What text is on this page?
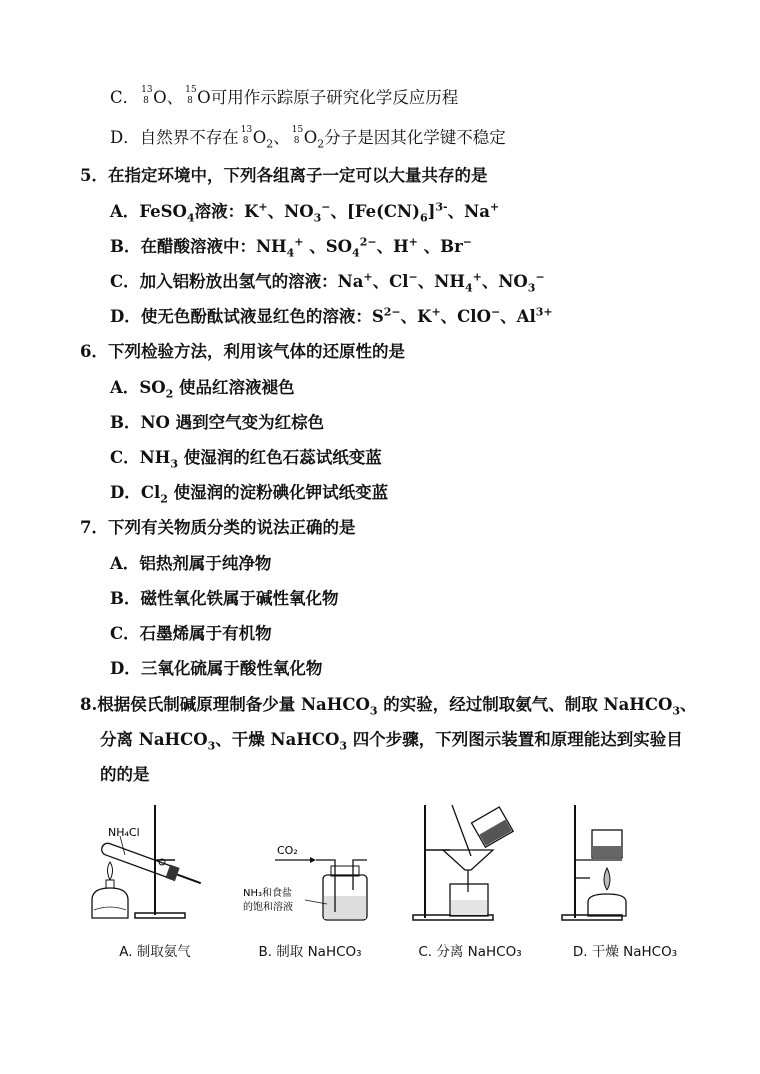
C． 13
8 O、 15
8 O可用作示踪原子研究化学反应历程
D．自然界不存在 13
8 $O_2$、 15
8 $O_2$分子是因其化学键不稳定
5．在指定环境中，下列各组离子一定可以大量共存的是
A．FeSO$_4$溶液：K+、$NO_3^-$、$[Fe(CN)_6]^{3-}$、Na+
B．在醋酸溶液中：$NH_4^+$ 、$SO_4^{2-}$、H+ 、Br−
C．加入铝粉放出氢气的溶液：Na+、Cl−、$NH_4^+$、$NO_3^-$
D．使无色酚酞试液显红色的溶液：$S^{2-}$、K+、ClO−、$Al^{3+}$
6．下列检验方法，利用该气体的还原性的是
A．$SO_2$ 使品红溶液褪色
B．NO 遇到空气变为红棕色
C．$NH_3$ 使湿润的红色石蕊试纸变蓝
D．$Cl_2$ 使湿润的淀粉碘化钾试纸变蓝
7．下列有关物质分类的说法正确的是
A．铝热剂属于纯净物
B．磁性氧化铁属于碱性氧化物
C．石墨烯属于有机物
D．三氧化硫属于酸性氧化物
8.根据侯氏制碱原理制备少量 NaHCO$_3$ 的实验，经过制取氨气、制取 NaHCO$_3$、
分离 NaHCO$_3$、干燥 NaHCO$_3$ 四个步骤，下列图示装置和原理能达到实验目
的的是
NH₄Cl
A. 制取氨气
CO₂
NH₃和食盐
的饱和溶液
B. 制取 NaHCO₃	C. 分离 NaHCO₃	D. 干燥 NaHCO₃
